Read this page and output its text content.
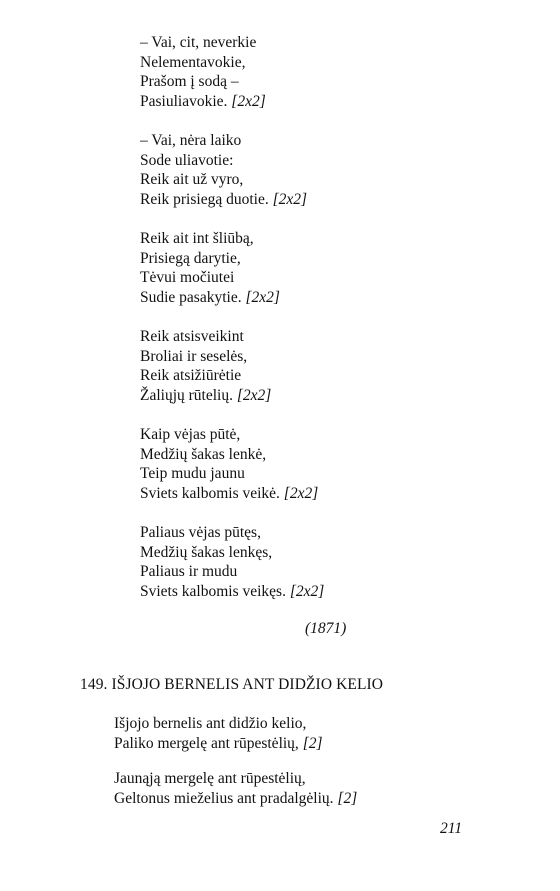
– Vai, cit, neverkie
Nelementavokie,
Prašom į sodą –
Pasiuliavokie. [2x2]
– Vai, nėra laiko
Sode uliavotie:
Reik ait už vyro,
Reik prisiegą duotie. [2x2]
Reik ait int šliūbą,
Prisiegą darytie,
Tėvui močiutei
Sudie pasakytie. [2x2]
Reik atsisveikint
Broliai ir seselės,
Reik atsižiūrėtie
Žaliųjų rūtelių. [2x2]
Kaip vėjas pūtė,
Medžių šakas lenkė,
Teip mudu jaunu
Sviets kalbomis veikė. [2x2]
Paliaus vėjas pūtęs,
Medžių šakas lenkęs,
Paliaus ir mudu
Sviets kalbomis veikęs. [2x2]
(1871)
149. IŠJOJO BERNELIS ANT DIDŽIO KELIO
Išjojo bernelis ant didžio kelio,
Paliko mergelę ant rūpestėlių, [2]
Jaunąją mergelę ant rūpestėlių,
Geltonus mieželius ant pradalgėlių. [2]
211
